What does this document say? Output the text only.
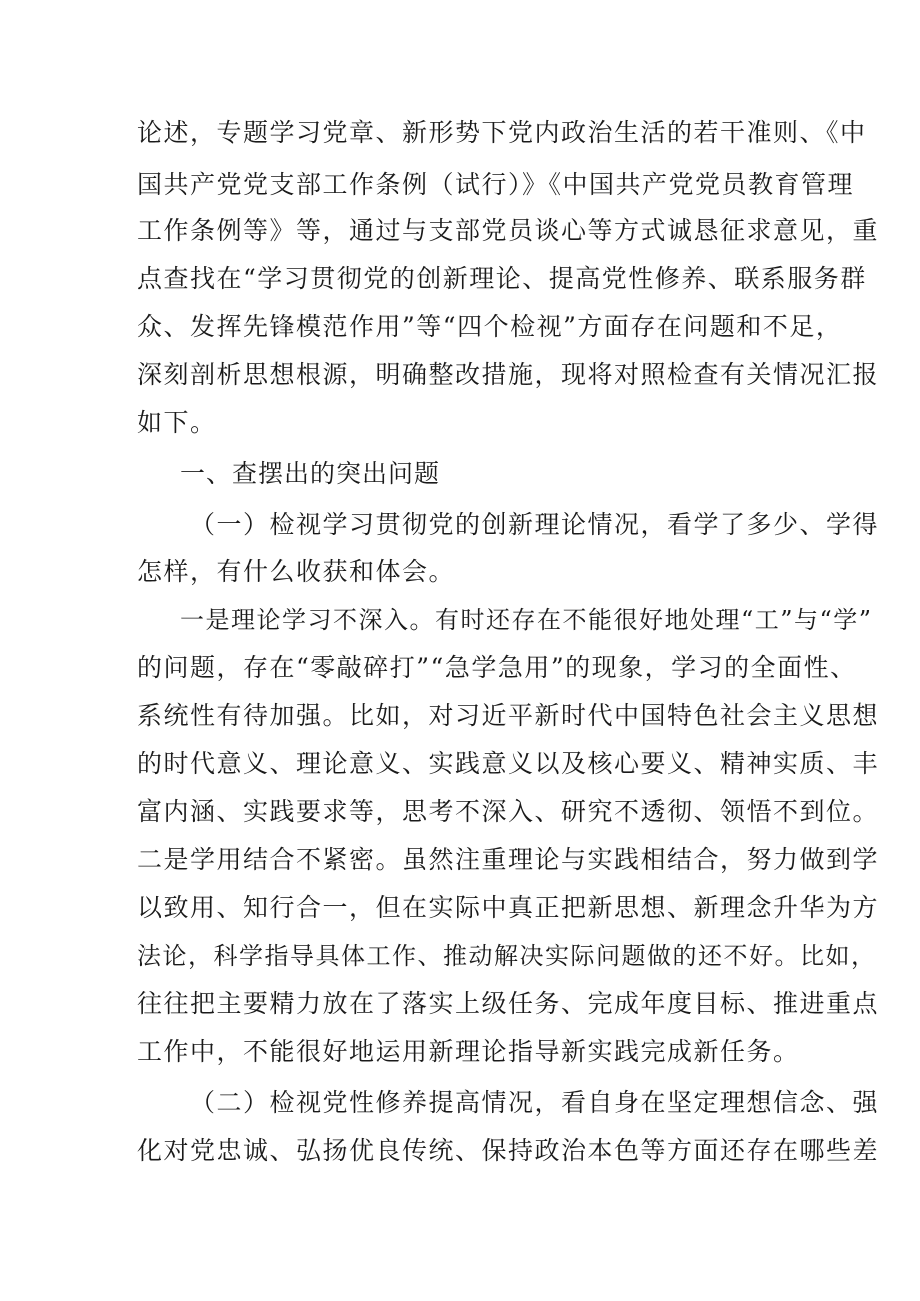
论述，专题学习党章、新形势下党内政治生活的若干准则、《中
国共产党党支部工作条例（试行）》《中国共产党党员教育管理
工作条例等》等，通过与支部党员谈心等方式诚恳征求意见，重
点查找在“学习贯彻党的创新理论、提高党性修养、联系服务群
众、发挥先锋模范作用”等“四个检视”方面存在问题和不足，
深刻剖析思想根源，明确整改措施，现将对照检查有关情况汇报
如下。
一、查摆出的突出问题
（一）检视学习贯彻党的创新理论情况，看学了多少、学得
怎样，有什么收获和体会。
一是理论学习不深入。有时还存在不能很好地处理“工”与“学”
的问题，存在“零敲碎打”“急学急用”的现象，学习的全面性、
系统性有待加强。比如，对习近平新时代中国特色社会主义思想
的时代意义、理论意义、实践意义以及核心要义、精神实质、丰
富内涵、实践要求等，思考不深入、研究不透彻、领悟不到位。
二是学用结合不紧密。虽然注重理论与实践相结合，努力做到学
以致用、知行合一，但在实际中真正把新思想、新理念升华为方
法论，科学指导具体工作、推动解决实际问题做的还不好。比如，
往往把主要精力放在了落实上级任务、完成年度目标、推进重点
工作中，不能很好地运用新理论指导新实践完成新任务。
（二）检视党性修养提高情况，看自身在坚定理想信念、强
化对党忠诚、弘扬优良传统、保持政治本色等方面还存在哪些差
